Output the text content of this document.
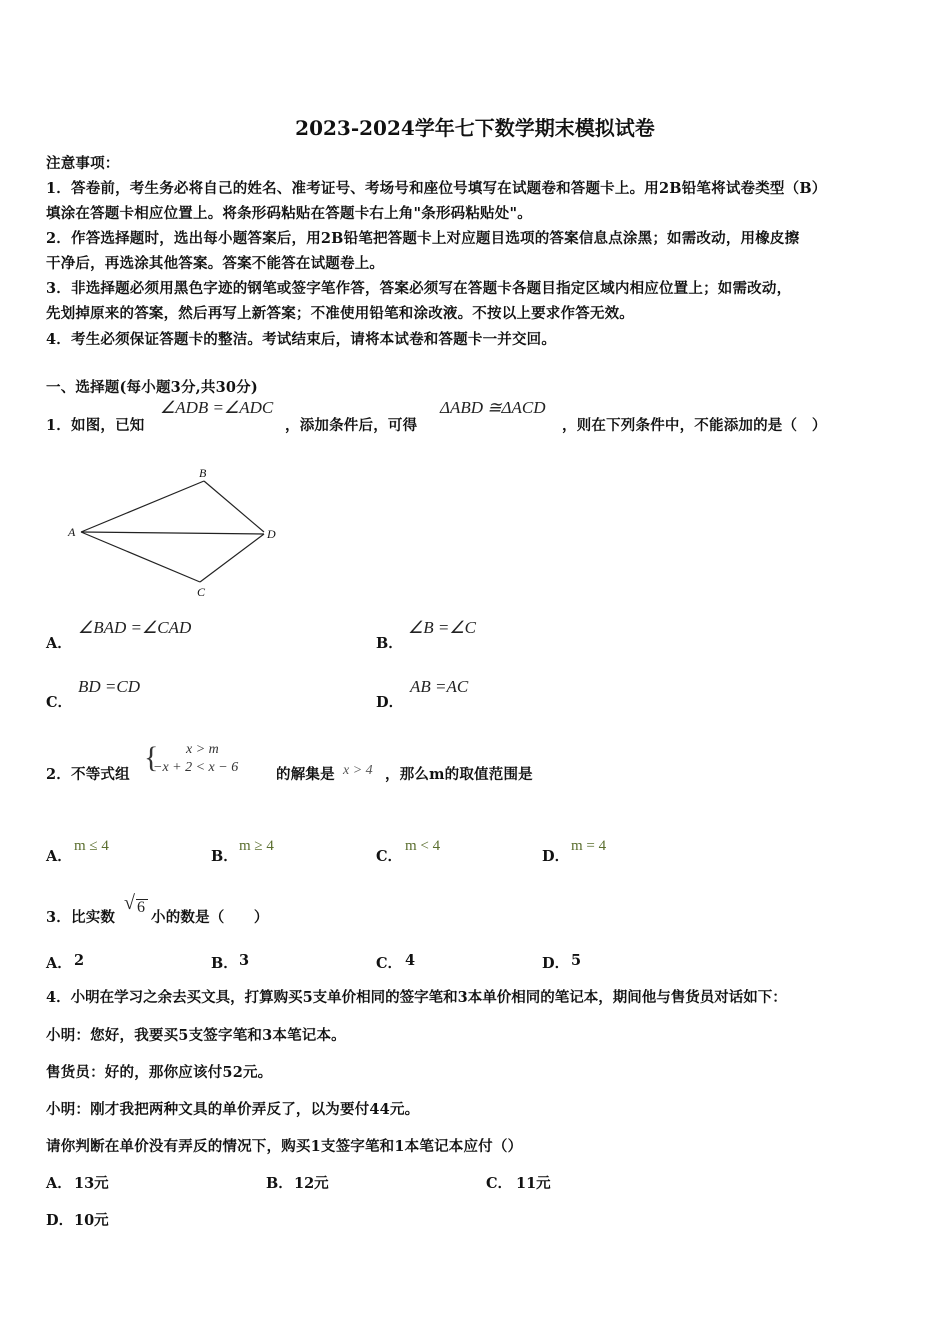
2023-2024学年七下数学期末模拟试卷
注意事项：
1．答卷前，考生务必将自己的姓名、准考证号、考场号和座位号填写在试题卷和答题卡上。用2B铅笔将试卷类型（B）
填涂在答题卡相应位置上。将条形码粘贴在答题卡右上角"条形码粘贴处"。
2．作答选择题时，选出每小题答案后，用2B铅笔把答题卡上对应题目选项的答案信息点涂黑；如需改动，用橡皮擦
干净后，再选涂其他答案。答案不能答在试题卷上。
3．非选择题必须用黑色字迹的钢笔或签字笔作答，答案必须写在答题卡各题目指定区域内相应位置上；如需改动，
先划掉原来的答案，然后再写上新答案；不准使用铅笔和涂改液。不按以上要求作答无效。
4．考生必须保证答题卡的整洁。考试结束后，请将本试卷和答题卡一并交回。
一、选择题(每小题3分,共30分)
1．如图，已知
∠ADB =∠ADC
，添加条件后，可得
ΔABD ≅ΔACD
，则在下列条件中，不能添加的是（　）
A
B
D
C
A．
∠BAD =∠CAD
B．
∠B =∠C
C．
BD =CD
D．
AB =AC
2．不等式组
{ x > m
−x + 2 < x − 6	的解集是 x > 4 ，那么m的取值范围是
A．
m ≤ 4
B．
m ≥ 4
C．
m < 4
D．
m = 4
3．比实数
√ 6
小的数是（　　）
A． 2	B． 3	C． 4	D． 5
4．小明在学习之余去买文具，打算购买5支单价相同的签字笔和3本单价相同的笔记本，期间他与售货员对话如下：
小明：您好，我要买5支签字笔和3本笔记本。
售货员：好的，那你应该付52元。
小明：刚才我把两种文具的单价弄反了，以为要付44元。
请你判断在单价没有弄反的情况下，购买1支签字笔和1本笔记本应付（）
A． 13元	B． 12元	C． 11元
D． 10元
